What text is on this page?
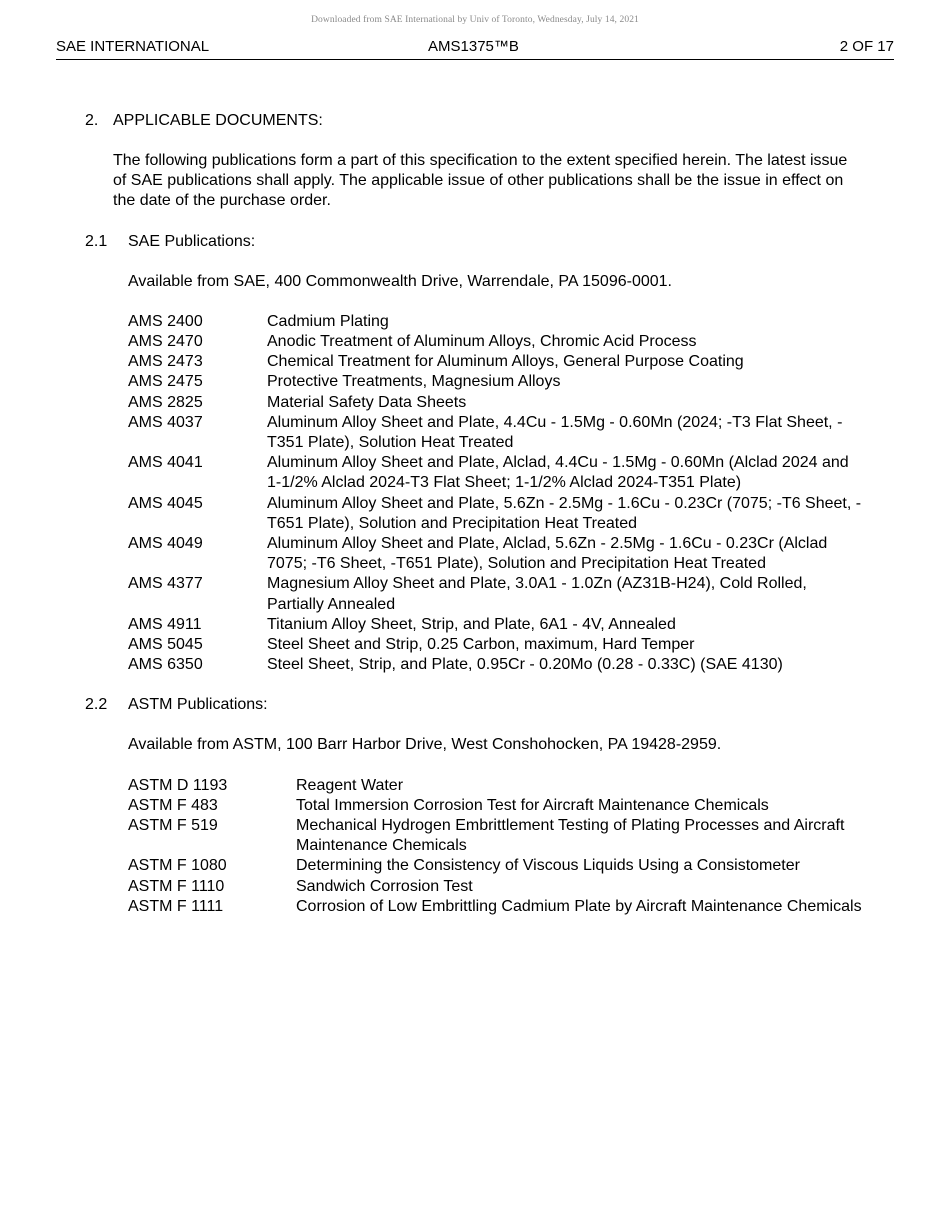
Downloaded from SAE International by Univ of Toronto, Wednesday, July 14, 2021
SAE INTERNATIONAL	AMS1375™B	2 OF 17
2. APPLICABLE DOCUMENTS:
The following publications form a part of this specification to the extent specified herein. The latest issue of SAE publications shall apply. The applicable issue of other publications shall be the issue in effect on the date of the purchase order.
2.1 SAE Publications:
Available from SAE, 400 Commonwealth Drive, Warrendale, PA 15096-0001.
AMS 2400	Cadmium Plating
AMS 2470	Anodic Treatment of Aluminum Alloys, Chromic Acid Process
AMS 2473	Chemical Treatment for Aluminum Alloys, General Purpose Coating
AMS 2475	Protective Treatments, Magnesium Alloys
AMS 2825	Material Safety Data Sheets
AMS 4037	Aluminum Alloy Sheet and Plate, 4.4Cu - 1.5Mg - 0.60Mn (2024; -T3 Flat Sheet, -T351 Plate), Solution Heat Treated
AMS 4041	Aluminum Alloy Sheet and Plate, Alclad, 4.4Cu - 1.5Mg - 0.60Mn (Alclad 2024 and 1-1/2% Alclad 2024-T3 Flat Sheet; 1-1/2% Alclad 2024-T351 Plate)
AMS 4045	Aluminum Alloy Sheet and Plate, 5.6Zn - 2.5Mg - 1.6Cu - 0.23Cr (7075; -T6 Sheet, -T651 Plate), Solution and Precipitation Heat Treated
AMS 4049	Aluminum Alloy Sheet and Plate, Alclad, 5.6Zn - 2.5Mg - 1.6Cu - 0.23Cr (Alclad 7075; -T6 Sheet, -T651 Plate), Solution and Precipitation Heat Treated
AMS 4377	Magnesium Alloy Sheet and Plate, 3.0A1 - 1.0Zn (AZ31B-H24), Cold Rolled, Partially Annealed
AMS 4911	Titanium Alloy Sheet, Strip, and Plate, 6A1 - 4V, Annealed
AMS 5045	Steel Sheet and Strip, 0.25 Carbon, maximum, Hard Temper
AMS 6350	Steel Sheet, Strip, and Plate, 0.95Cr - 0.20Mo (0.28 - 0.33C) (SAE 4130)
2.2 ASTM Publications:
Available from ASTM, 100 Barr Harbor Drive, West Conshohocken, PA 19428-2959.
ASTM D 1193	Reagent Water
ASTM F 483	Total Immersion Corrosion Test for Aircraft Maintenance Chemicals
ASTM F 519	Mechanical Hydrogen Embrittlement Testing of Plating Processes and Aircraft Maintenance Chemicals
ASTM F 1080	Determining the Consistency of Viscous Liquids Using a Consistometer
ASTM F 1110	Sandwich Corrosion Test
ASTM F 1111	Corrosion of Low Embrittling Cadmium Plate by Aircraft Maintenance Chemicals
